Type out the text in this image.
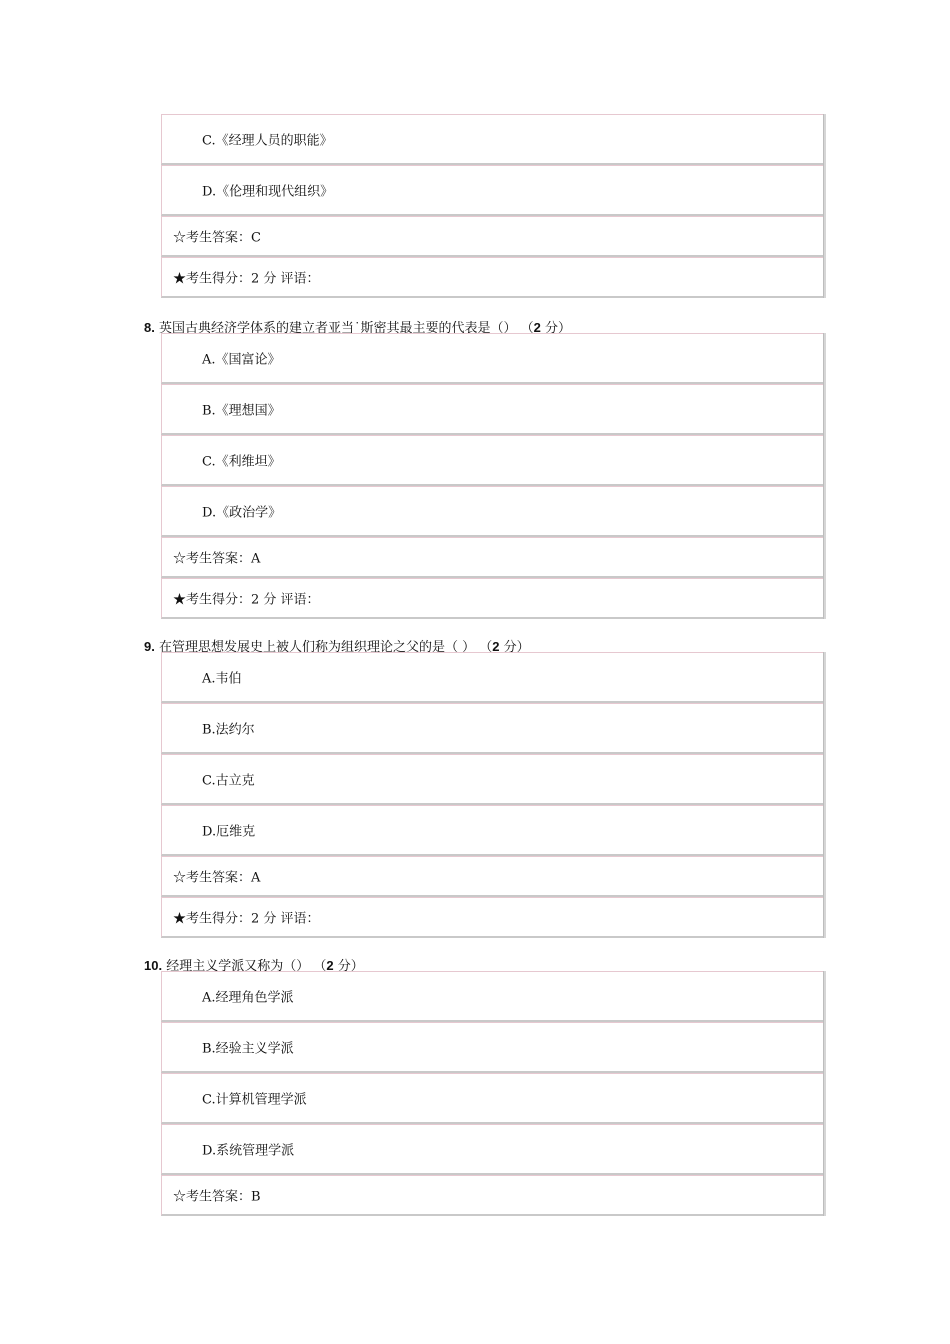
C.《经理人员的职能》
D.《伦理和现代组织》
☆考生答案：C
★考生得分：2 分 评语：
8. 英国古典经济学体系的建立者亚当˙斯密其最主要的代表是（） （2 分）
A.《国富论》
B.《理想国》
C.《利维坦》
D.《政治学》
☆考生答案：A
★考生得分：2 分 评语：
9. 在管理思想发展史上被人们称为组织理论之父的是（ ） （2 分）
A.韦伯
B.法约尔
C.古立克
D.厄维克
☆考生答案：A
★考生得分：2 分 评语：
10. 经理主义学派又称为（） （2 分）
A.经理角色学派
B.经验主义学派
C.计算机管理学派
D.系统管理学派
☆考生答案：B
